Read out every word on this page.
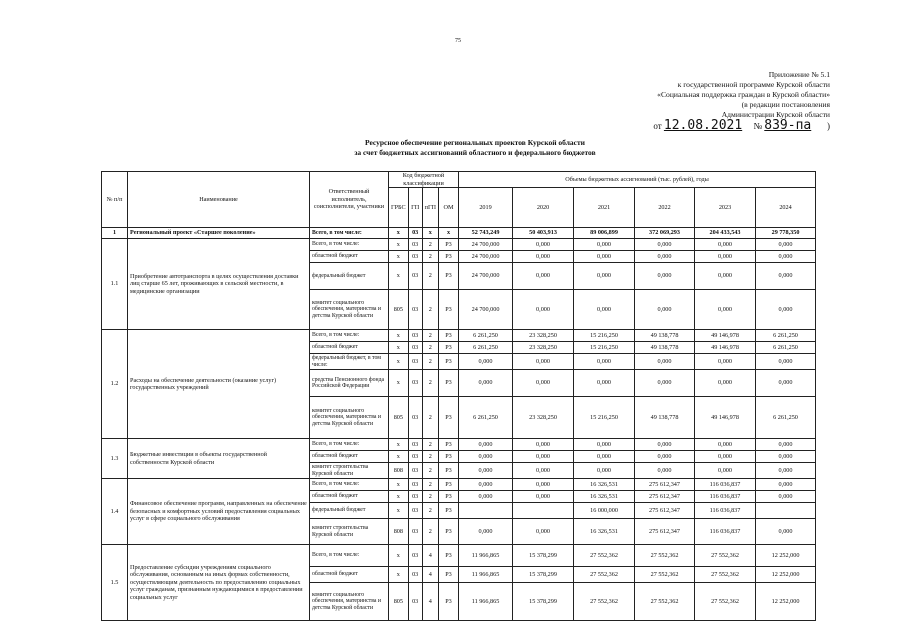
75
Приложение № 5.1
к государственной программе Курской области
«Социальная поддержка граждан в Курской области»
(в редакции постановления
Администрации Курской области
от 12.08.2021 № 839-па )
Ресурсное обеспечение региональных проектов Курской области
за счет бюджетных ассигнований областного и федерального бюджетов
№ п/п	Наименование	Ответственный исполнитель, соисполнители, участники	Код бюджетной классификации				Объемы бюджетных ассигнований (тыс. рублей), годы					
			ГРБС	ГП	пГП	ОМ	2019	2020	2021	2022	2023	2024
1	Региональный проект «Старшее поколение»	Всего, в том числе:	х	03	х	х	52 743,249	50 403,913	89 006,899	372 069,293	204 433,543	29 778,350
1.1	Приобретение автотранспорта в целях осуществления доставки лиц старше 65 лет, проживающих в сельской местности, в медицинские организации	Всего, в том числе:	х	03	2	Р3	24 700,000	0,000	0,000	0,000	0,000	0,000
		областной бюджет	х	03	2	Р3	24 700,000	0,000	0,000	0,000	0,000	0,000
		федеральный бюджет	х	03	2	Р3	24 700,000	0,000	0,000	0,000	0,000	0,000
		комитет социального обеспечения, материнства и детства Курской области	805	03	2	Р3	24 700,000	0,000	0,000	0,000	0,000	0,000
1.2	Расходы на обеспечение деятельности (оказание услуг) государственных учреждений	Всего, в том числе:	х	03	2	Р3	6 261,250	23 328,250	15 216,250	49 138,778	49 146,978	6 261,250
		областной бюджет	х	03	2	Р3	6 261,250	23 328,250	15 216,250	49 138,778	49 146,978	6 261,250
		федеральный бюджет, в том числе:	х	03	2	Р3	0,000	0,000	0,000	0,000	0,000	0,000
		средства Пенсионного фонда Российской Федерации	х	03	2	Р3	0,000	0,000	0,000	0,000	0,000	0,000
		комитет социального обеспечения, материнства и детства Курской области	805	03	2	Р3	6 261,250	23 328,250	15 216,250	49 138,778	49 146,978	6 261,250
1.3	Бюджетные инвестиции в объекты государственной собственности Курской области	Всего, в том числе:	х	03	2	Р3	0,000	0,000	0,000	0,000	0,000	0,000
		областной бюджет	х	03	2	Р3	0,000	0,000	0,000	0,000	0,000	0,000
		комитет строительства Курской области	808	03	2	Р3	0,000	0,000	0,000	0,000	0,000	0,000
1.4	Финансовое обеспечение программ, направленных на обеспечение безопасных и комфортных условий предоставления социальных услуг в сфере социального обслуживания	Всего, в том числе:	х	03	2	Р3	0,000	0,000	16 326,531	275 612,347	116 036,837	0,000
		областной бюджет	х	03	2	Р3	0,000	0,000	16 326,531	275 612,347	116 036,837	0,000
		федеральный бюджет	х	03	2	Р3			16 000,000	275 612,347	116 036,837	
		комитет строительства Курской области	808	03	2	Р3	0,000	0,000	16 326,531	275 612,347	116 036,837	0,000
1.5	Предоставление субсидии учреждениям социального обслуживания, основанным на иных формах собственности, осуществляющим деятельность по предоставлению социальных услуг гражданам, признанным нуждающимися в предоставлении социальных услуг	Всего, в том числе:	х	03	4	Р3	11 966,865	15 378,299	27 552,362	27 552,362	27 552,362	12 252,000
		областной бюджет	х	03	4	Р3	11 966,865	15 378,299	27 552,362	27 552,362	27 552,362	12 252,000
		комитет социального обеспечения, материнства и детства Курской области	805	03	4	Р3	11 966,865	15 378,299	27 552,362	27 552,362	27 552,362	12 252,000
